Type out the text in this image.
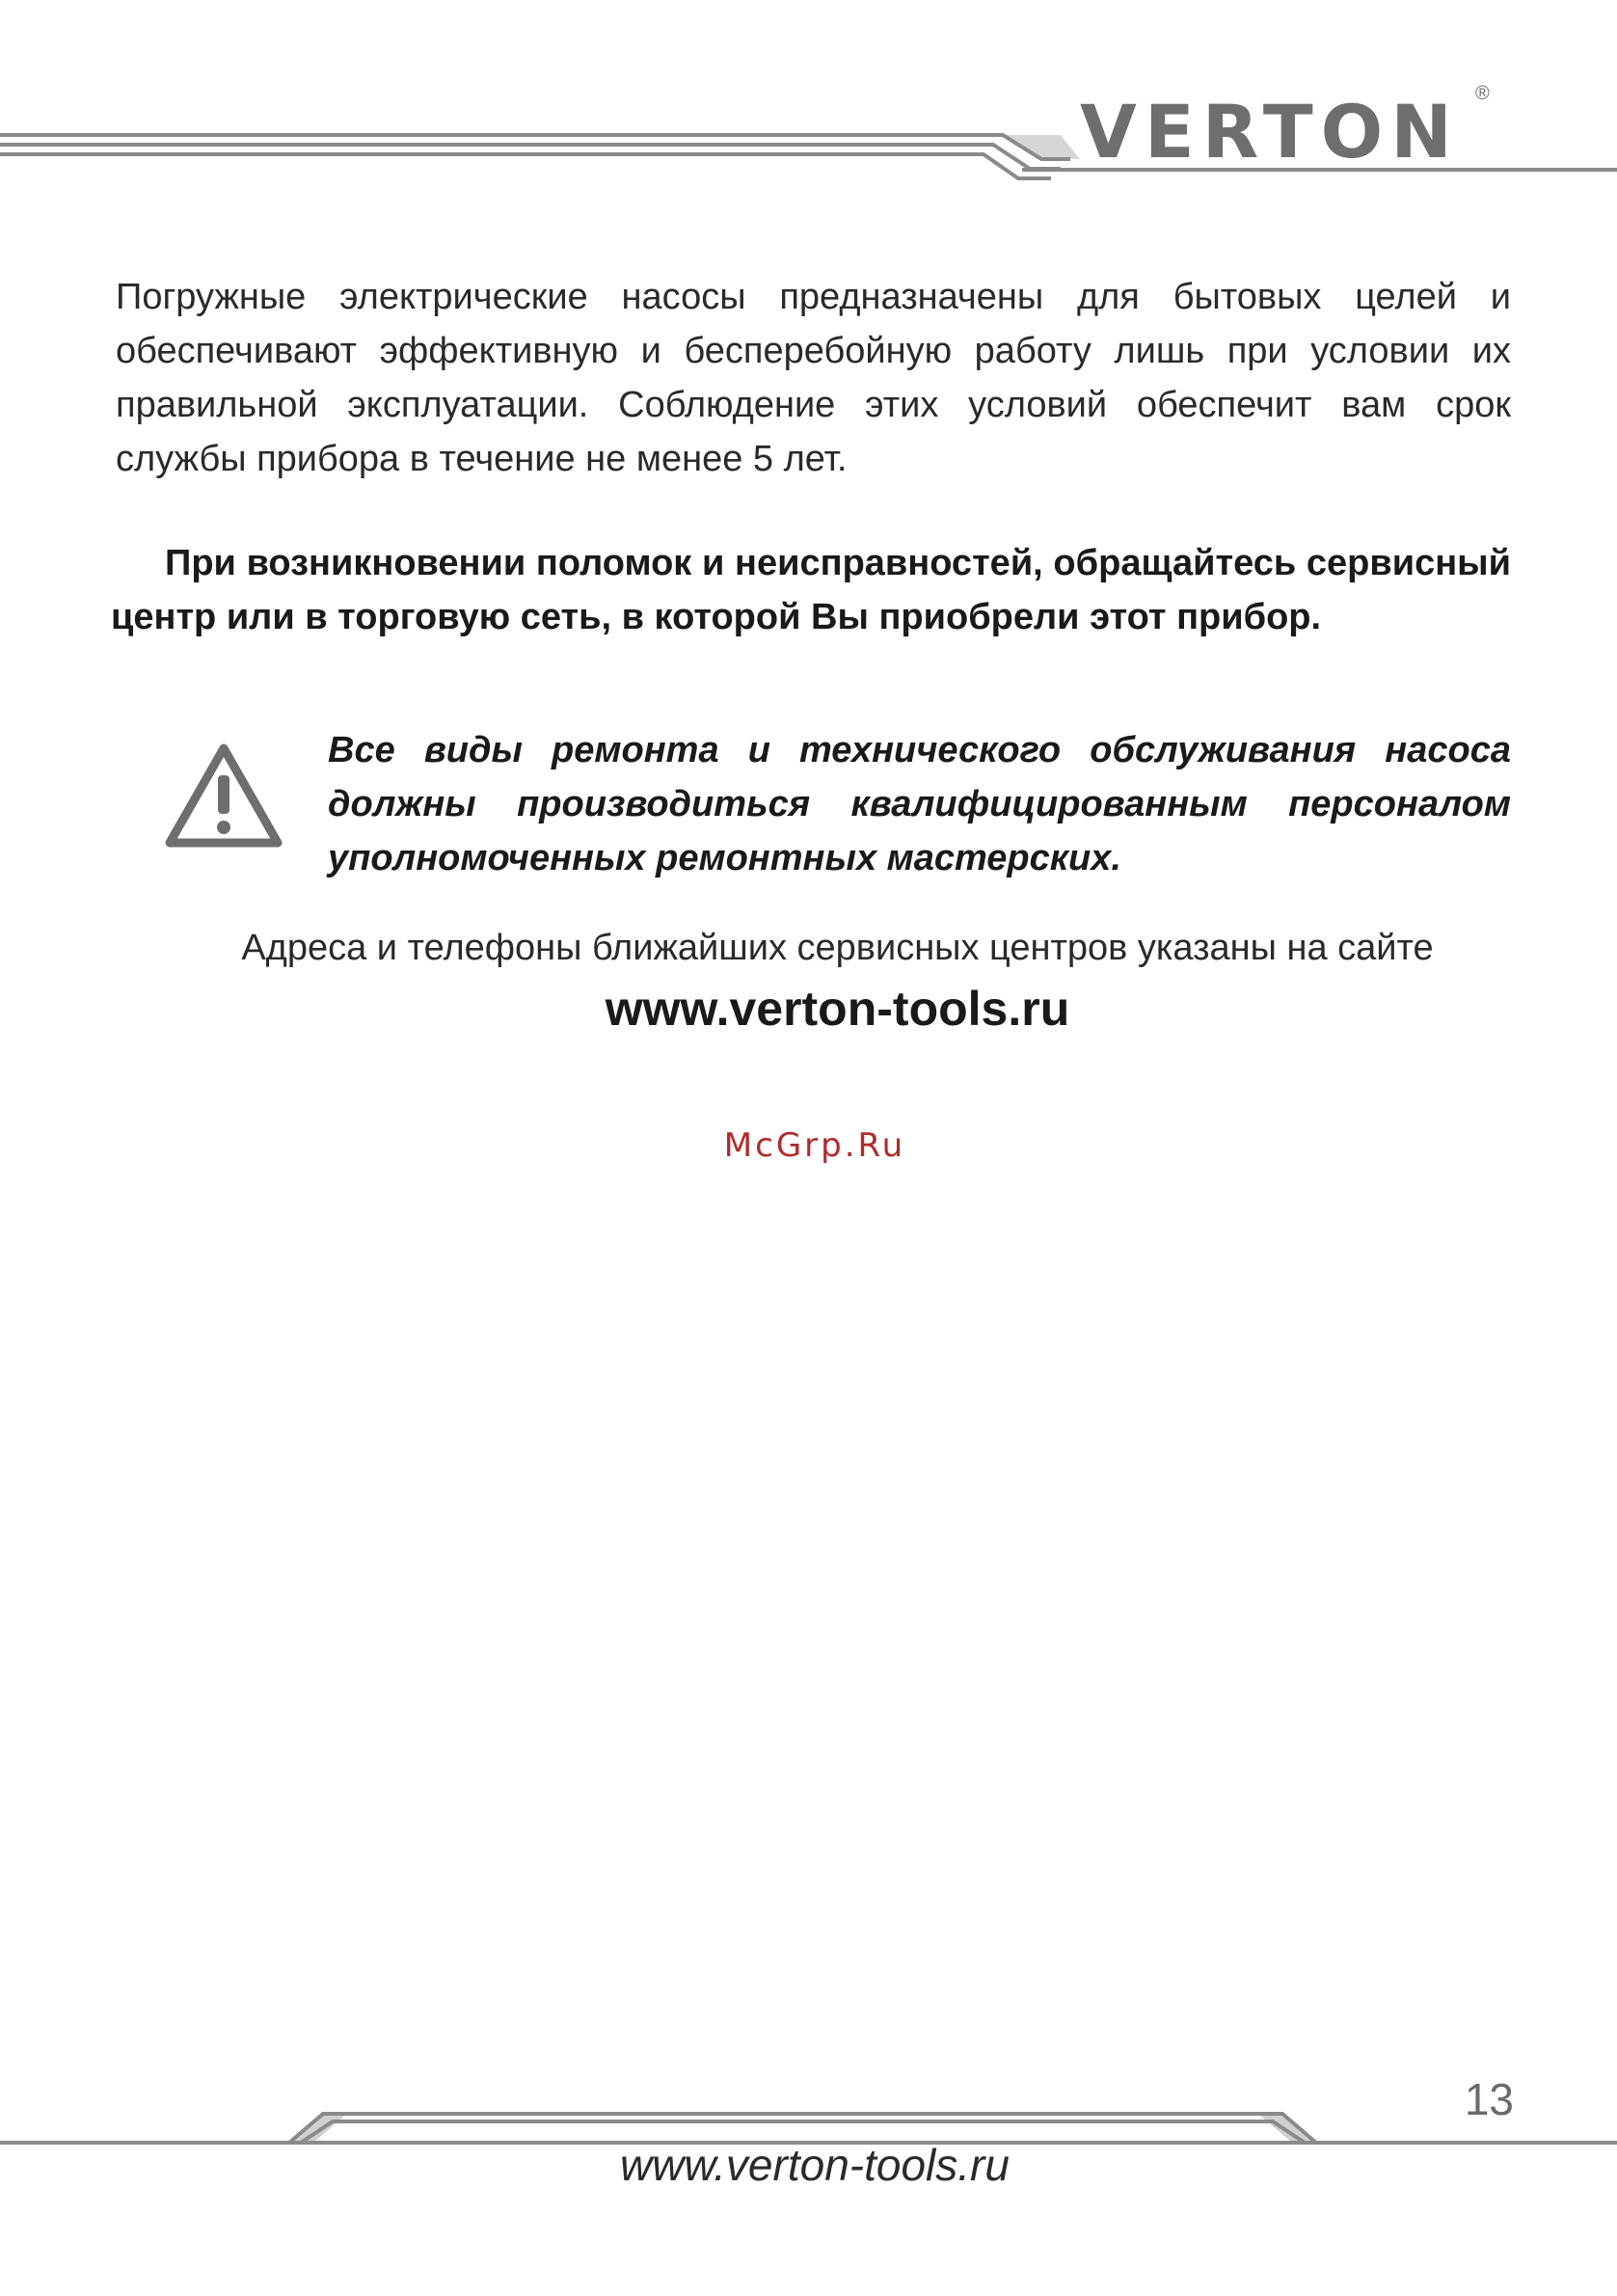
VERTON ®

Погружные электрические насосы предназначены для бытовых целей и обеспечивают эффективную и бесперебойную работу лишь при условии их правильной эксплуатации. Соблюдение этих условий обеспечит вам срок службы прибора в течение не менее 5 лет.

При возникновении поломок и неисправностей, обращайтесь сервисный центр или в торговую сеть, в которой Вы приобрели этот прибор.

Все виды ремонта и технического обслуживания насоса должны производиться квалифицированным персоналом уполномоченных ремонтных мастерских.

Адреса и телефоны ближайших сервисных центров указаны на сайте

www.verton-tools.ru

McGrp.Ru
13
www.verton-tools.ru
